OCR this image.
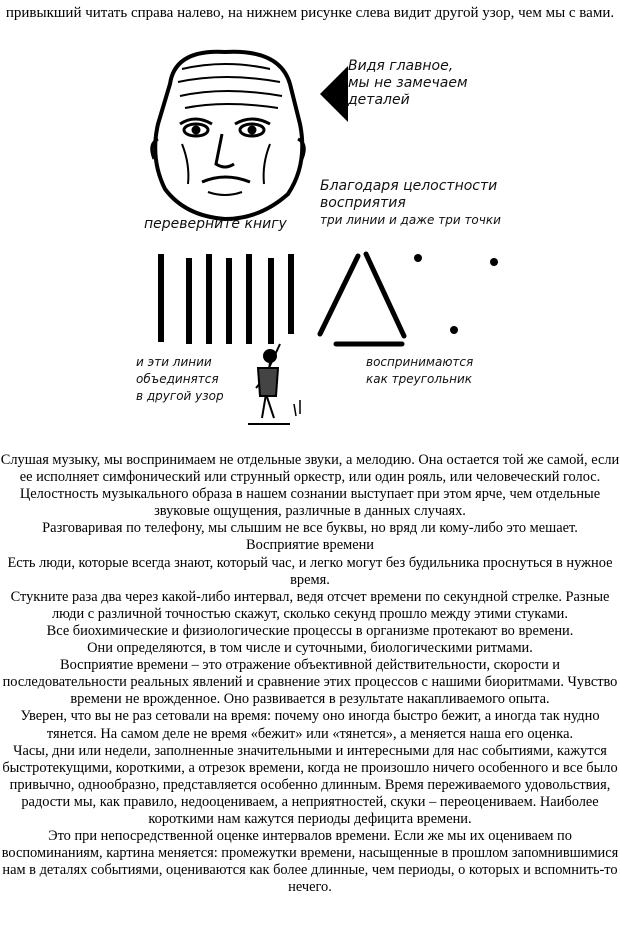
привыкший читать справа налево, на нижнем рисунке слева видит другой узор, чем мы с вами.
Видя главное,
мы не замечаем
деталей
Благодаря целостности
восприятия
три линии и даже три точки
переверните книгу
и эти линии
объединятся
в другой узор
воспринимаются
как треугольник

Слушая музыку, мы воспринимаем не отдельные звуки, а мелодию. Она остается той же самой, если ее исполняет симфонический или струнный оркестр, или один рояль, или человеческий голос. Целостность музыкального образа в нашем сознании выступает при этом ярче, чем отдельные звуковые ощущения, различные в данных случаях.

Разговаривая по телефону, мы слышим не все буквы, но вряд ли кому-либо это мешает.

Восприятие времени

Есть люди, которые всегда знают, который час, и легко могут без будильника проснуться в нужное время.

Стукните раза два через какой-либо интервал, ведя отсчет времени по секундной стрелке. Разные люди с различной точностью скажут, сколько секунд прошло между этими стуками.

Все биохимические и физиологические процессы в организме протекают во времени.

Они определяются, в том числе и суточными, биологическими ритмами.

Восприятие времени – это отражение объективной действительности, скорости и последовательности реальных явлений и сравнение этих процессов с нашими биоритмами. Чувство времени не врожденное. Оно развивается в результате накапливаемого опыта.

Уверен, что вы не раз сетовали на время: почему оно иногда быстро бежит, а иногда так нудно тянется. На самом деле не время «бежит» или «тянется», а меняется наша его оценка.

Часы, дни или недели, заполненные значительными и интересными для нас событиями, кажутся быстротекущими, короткими, а отрезок времени, когда не произошло ничего особенного и все было привычно, однообразно, представляется особенно длинным. Время переживаемого удовольствия, радости мы, как правило, недооцениваем, а неприятностей, скуки – переоцениваем. Наиболее короткими нам кажутся периоды дефицита времени.

Это при непосредственной оценке интервалов времени. Если же мы их оцениваем по воспоминаниям, картина меняется: промежутки времени, насыщенные в прошлом запомнившимися нам в деталях событиями, оцениваются как более длинные, чем периоды, о которых и вспомнить-то нечего.
